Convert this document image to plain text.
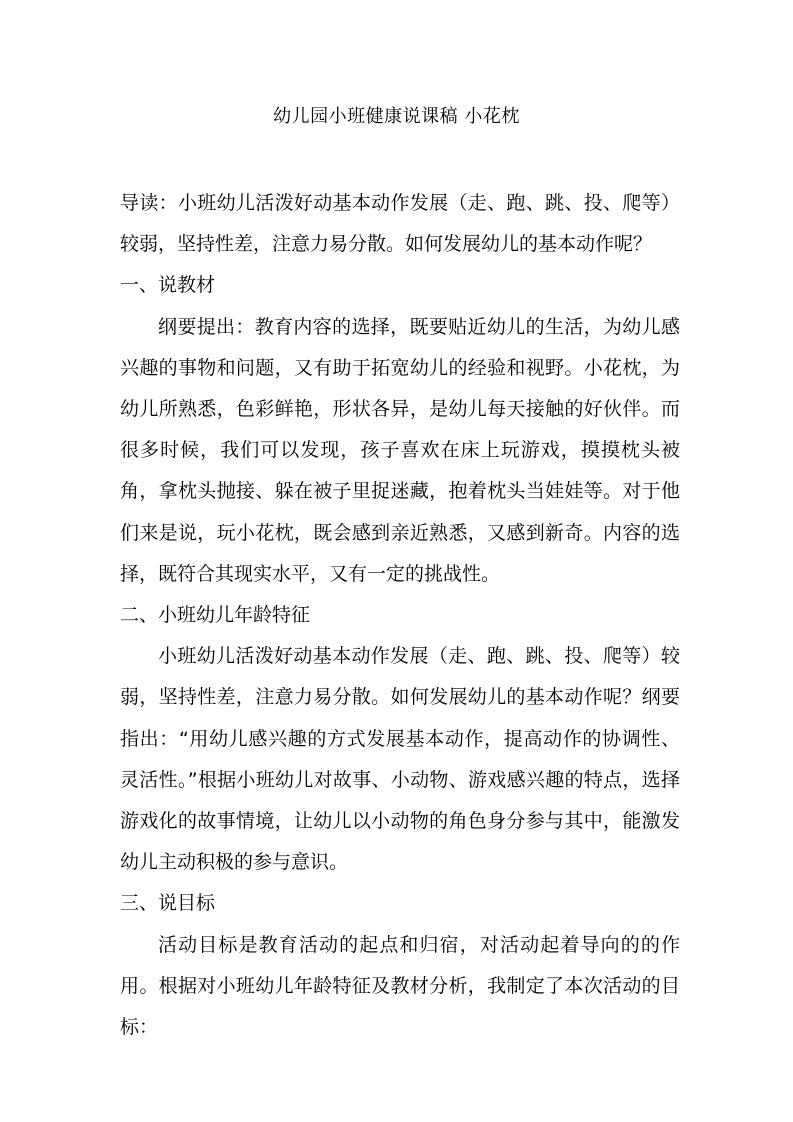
幼儿园小班健康说课稿 小花枕

导读：小班幼儿活泼好动基本动作发展（走、跑、跳、投、爬等）较弱，坚持性差，注意力易分散。如何发展幼儿的基本动作呢？

一、说教材

纲要提出：教育内容的选择，既要贴近幼儿的生活，为幼儿感兴趣的事物和问题，又有助于拓宽幼儿的经验和视野。小花枕，为幼儿所熟悉，色彩鲜艳，形状各异，是幼儿每天接触的好伙伴。而很多时候，我们可以发现，孩子喜欢在床上玩游戏，摸摸枕头被角，拿枕头抛接、躲在被子里捉迷藏，抱着枕头当娃娃等。对于他们来是说，玩小花枕，既会感到亲近熟悉，又感到新奇。内容的选择，既符合其现实水平，又有一定的挑战性。

二、小班幼儿年龄特征

小班幼儿活泼好动基本动作发展（走、跑、跳、投、爬等）较弱，坚持性差，注意力易分散。如何发展幼儿的基本动作呢？纲要指出：“用幼儿感兴趣的方式发展基本动作，提高动作的协调性、灵活性。”根据小班幼儿对故事、小动物、游戏感兴趣的特点，选择游戏化的故事情境，让幼儿以小动物的角色身分参与其中，能激发幼儿主动积极的参与意识。

三、说目标

活动目标是教育活动的起点和归宿，对活动起着导向的的作用。根据对小班幼儿年龄特征及教材分析，我制定了本次活动的目标：
